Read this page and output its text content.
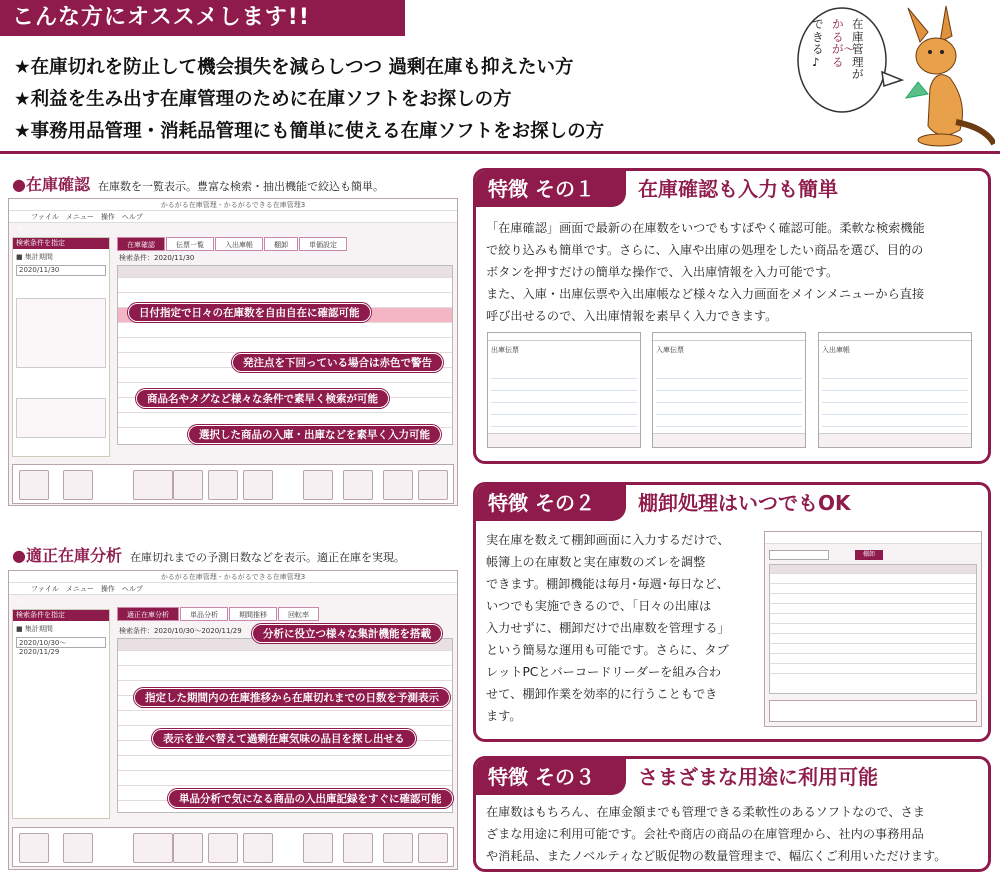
こんな方にオススメします!!
★在庫切れを防止して機会損失を減らしつつ 過剰在庫も抑えたい方
★利益を生み出す在庫管理のために在庫ソフトをお探しの方
★事務用品管理・消耗品管理にも簡単に使える在庫ソフトをお探しの方
在庫管理が
かるが〜る
できる♪
●在庫確認 在庫数を一覧表示。豊富な検索・抽出機能で絞込も簡単。
かるがる在庫管理 - かるがるできる在庫管理3
ル
ファイル　メニュー　操作　ヘルプ
検索条件を指定
■ 集計期間
2020/11/30
在庫確認	伝票一覧	入出庫帳	棚卸	単価設定
検索条件：2020/11/30
日付指定で日々の在庫数を自由自在に確認可能
発注点を下回っている場合は赤色で警告
商品名やタグなど様々な条件で素早く検索が可能
選択した商品の入庫・出庫などを素早く入力可能
●適正在庫分析 在庫切れまでの予測日数などを表示。適正在庫を実現。
かるがる在庫管理 - かるがるできる在庫管理3
ル
ファイル　メニュー　操作　ヘルプ
検索条件を指定
■ 集計期間
2020/10/30〜2020/11/29
適正在庫分析	単品分析	期間推移	回転率
検索条件：2020/10/30〜2020/11/29	分析に役立つ様々な集計機能を搭載
指定した期間内の在庫推移から在庫切れまでの日数を予測表示
表示を並べ替えて過剰在庫気味の品目を探し出せる
単品分析で気になる商品の入出庫記録をすぐに確認可能
特徴 その１	在庫確認も入力も簡単
「在庫確認」画面で最新の在庫数をいつでもすばやく確認可能。柔軟な検索機能
で絞り込みも簡単です。さらに、入庫や出庫の処理をしたい商品を選び、目的の
ボタンを押すだけの簡単な操作で、入出庫情報を入力可能です。
また、入庫・出庫伝票や入出庫帳など様々な入力画面をメインメニューから直接
呼び出せるので、入出庫情報を素早く入力できます。
出庫伝票	入庫伝票	入出庫帳
特徴 その２	棚卸処理はいつでもOK
実在庫を数えて棚卸画面に入力するだけで、
帳簿上の在庫数と実在庫数のズレを調整
できます。棚卸機能は毎月･毎週･毎日など、
いつでも実施できるので、「日々の出庫は
入力せずに、棚卸だけで出庫数を管理する」
という簡易な運用も可能です。さらに、タブ
レットPCとバーコードリーダーを組み合わ
せて、棚卸作業を効率的に行うこともでき
ます。
棚卸
特徴 その３	さまざまな用途に利用可能
在庫数はもちろん、在庫金額までも管理できる柔軟性のあるソフトなので、さま
ざまな用途に利用可能です。会社や商店の商品の在庫管理から、社内の事務用品
や消耗品、またノベルティなど販促物の数量管理まで、幅広くご利用いただけます。
